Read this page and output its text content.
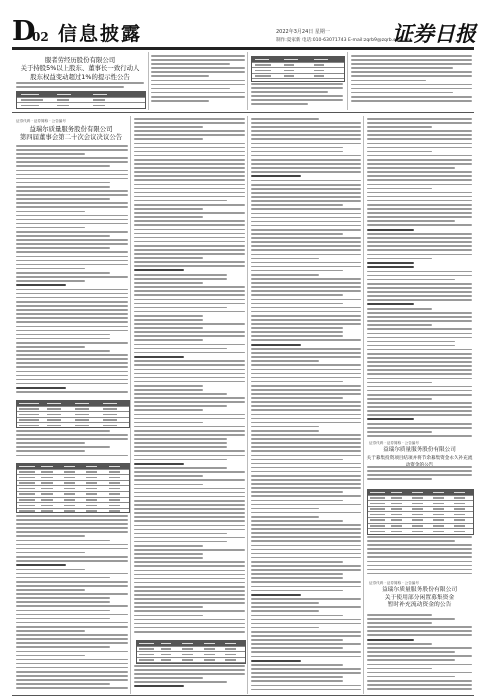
D
02 信息披露	2022年3月24日 星期一
制作:夏家新 电话:010-63071743 E-mail:zqrb9@zqrb.sina.net
证券日报
服者劳经历股份有限公司
关于持股5%以上股东、董事长一致行动人
股东权益变动超过1%的提示性公告
证券代码 · 证券简称 · 公告编号
益瑞尔质量服务股份有限公司
第四届董事会第二十次会议决议公告
证券代码 · 证券简称 · 公告编号
益瑞尔质量服务股份有限公司
关于募集投资项目结项并将节余募集资金永久补充流
证券代码 · 证券简称 · 公告编号
益瑞尔质量服务股份有限公司
关于使用部分闲置募集资金
暂时补充流动资金的公告
